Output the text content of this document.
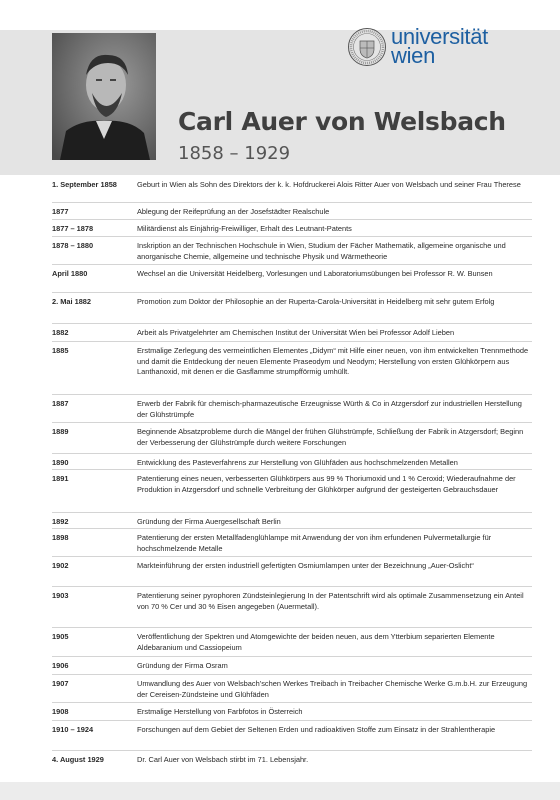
universität
wien
Carl Auer von Welsbach
1858 – 1929
1. September 1858	Geburt in Wien als Sohn des Direktors der k. k. Hofdruckerei Alois Ritter Auer von Welsbach und seiner Frau Therese
1877	Ablegung der Reifeprüfung an der Josefstädter Realschule
1877 – 1878	Militärdienst als Einjährig-Freiwilliger, Erhalt des Leutnant-Patents
1878 – 1880	Inskription an der Technischen Hochschule in Wien, Studium der Fächer Mathematik, allgemeine organische und anorganische Chemie, allgemeine und technische Physik und Wärmetheorie
April 1880	Wechsel an die Universität Heidelberg, Vorlesungen und Laboratoriumsübungen bei Professor R. W. Bunsen
2. Mai 1882	Promotion zum Doktor der Philosophie an der Ruperta-Carola-Universität in Heidelberg mit sehr gutem Erfolg
1882	Arbeit als Privatgelehrter am Chemischen Institut der Universität Wien bei Professor Adolf Lieben
1885	Erstmalige Zerlegung des vermeintlichen Elementes „Didym“ mit Hilfe einer neuen, von ihm entwickelten Trennmethode und damit die Entdeckung der neuen Elemente Praseodym und Neodym; Herstellung von ersten Glühkörpern aus Lanthanoxid, mit denen er die Gasflamme strumpfförmig umhüllt.
1887	Erwerb der Fabrik für chemisch-pharmazeutische Erzeugnisse Würth & Co in Atzgersdorf zur industriellen Herstellung der Glühstrümpfe
1889	Beginnende Absatzprobleme durch die Mängel der frühen Glühstrümpfe, Schließung der Fabrik in Atzgersdorf; Beginn der Verbesserung der Glühstrümpfe durch weitere Forschungen
1890	Entwicklung des Pasteverfahrens zur Herstellung von Glühfäden aus hochschmelzenden Metallen
1891	Patentierung eines neuen, verbesserten Glühkörpers aus 99 % Thoriumoxid und 1 % Ceroxid; Wiederaufnahme der Produktion in Atzgersdorf und schnelle Verbreitung der Glühkörper aufgrund der gesteigerten Gebrauchsdauer
1892	Gründung der Firma Auergesellschaft Berlin
1898	Patentierung der ersten Metallfadenglühlampe mit Anwendung der von ihm erfundenen Pulvermetallurgie für hochschmelzende Metalle
1902	Markteinführung der ersten industriell gefertigten Osmiumlampen unter der Bezeichnung „Auer-Oslicht“
1903	Patentierung seiner pyrophoren Zündsteinlegierung In der Patentschrift wird als optimale Zusammensetzung ein Anteil von 70 % Cer und 30 % Eisen angegeben (Auermetall).
1905	Veröffentlichung der Spektren und Atomgewichte der beiden neuen, aus dem Ytterbium separierten Elemente Aldebaranium und Cassiopeium
1906	Gründung der Firma Osram
1907	Umwandlung des Auer von Welsbach’schen Werkes Treibach in Treibacher Chemische Werke G.m.b.H. zur Erzeugung der Cereisen-Zündsteine und Glühfäden
1908	Erstmalige Herstellung von Farbfotos in Österreich
1910 – 1924	Forschungen auf dem Gebiet der Seltenen Erden und radioaktiven Stoffe zum Einsatz in der Strahlentherapie
4. August 1929	Dr. Carl Auer von Welsbach stirbt im 71. Lebensjahr.
